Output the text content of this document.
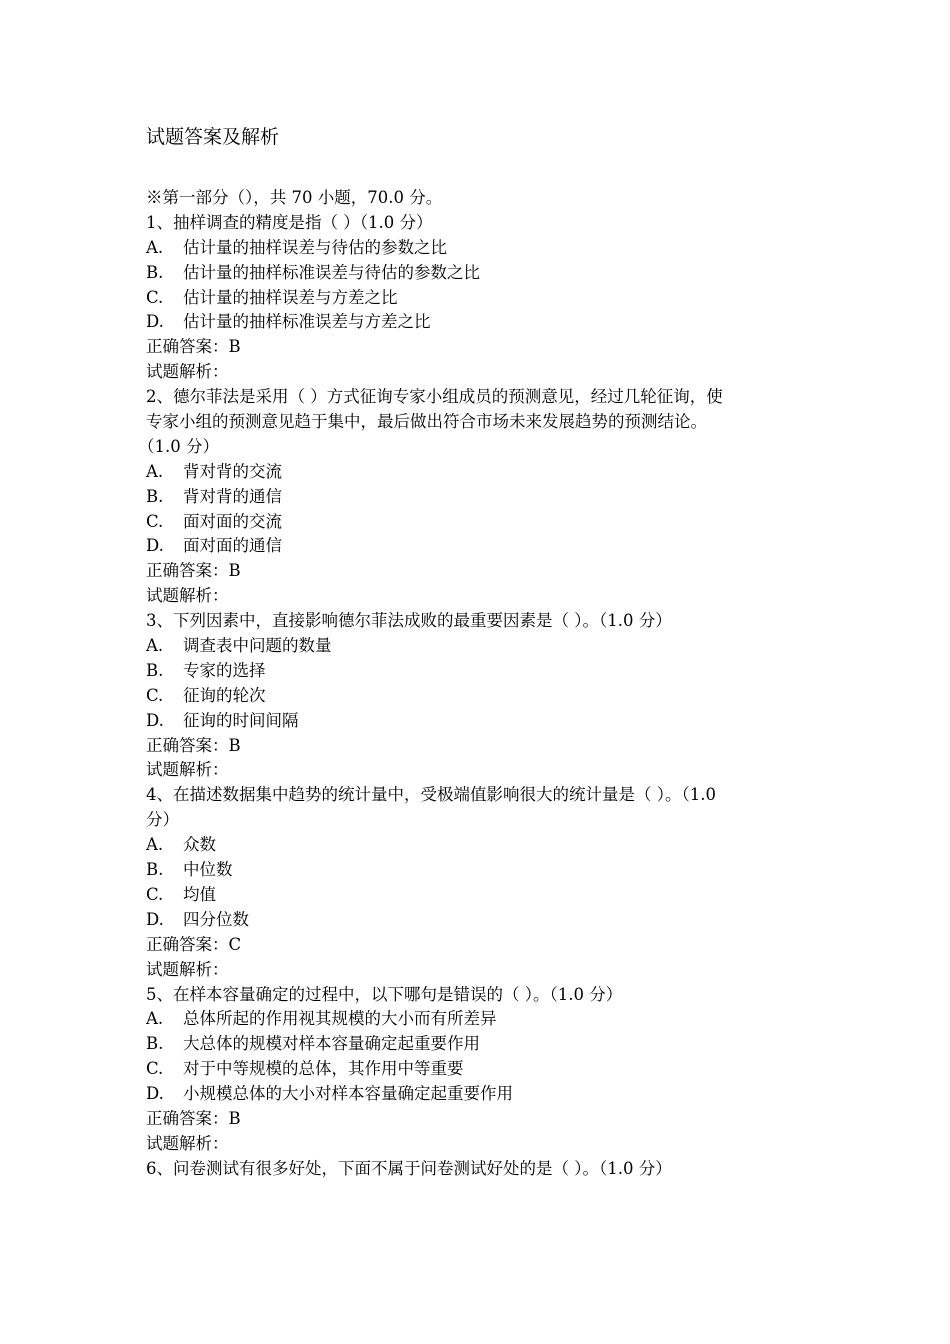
试题答案及解析
※第一部分（），共 70 小题，70.0 分。
1、抽样调查的精度是指（ ）（1.0 分）
A. 估计量的抽样误差与待估的参数之比
B. 估计量的抽样标准误差与待估的参数之比
C. 估计量的抽样误差与方差之比
D. 估计量的抽样标准误差与方差之比
正确答案：B
试题解析：
2、德尔菲法是采用（ ）方式征询专家小组成员的预测意见，经过几轮征询，使
专家小组的预测意见趋于集中，最后做出符合市场未来发展趋势的预测结论。
（1.0 分）
A. 背对背的交流
B. 背对背的通信
C. 面对面的交流
D. 面对面的通信
正确答案：B
试题解析：
3、下列因素中，直接影响德尔菲法成败的最重要因素是（ ）。（1.0 分）
A. 调查表中问题的数量
B. 专家的选择
C. 征询的轮次
D. 征询的时间间隔
正确答案：B
试题解析：
4、在描述数据集中趋势的统计量中，受极端值影响很大的统计量是（ ）。（1.0
分）
A. 众数
B. 中位数
C. 均值
D. 四分位数
正确答案：C
试题解析：
5、在样本容量确定的过程中，以下哪句是错误的（ ）。（1.0 分）
A. 总体所起的作用视其规模的大小而有所差异
B. 大总体的规模对样本容量确定起重要作用
C. 对于中等规模的总体，其作用中等重要
D. 小规模总体的大小对样本容量确定起重要作用
正确答案：B
试题解析：
6、问卷测试有很多好处，下面不属于问卷测试好处的是（ ）。（1.0 分）
